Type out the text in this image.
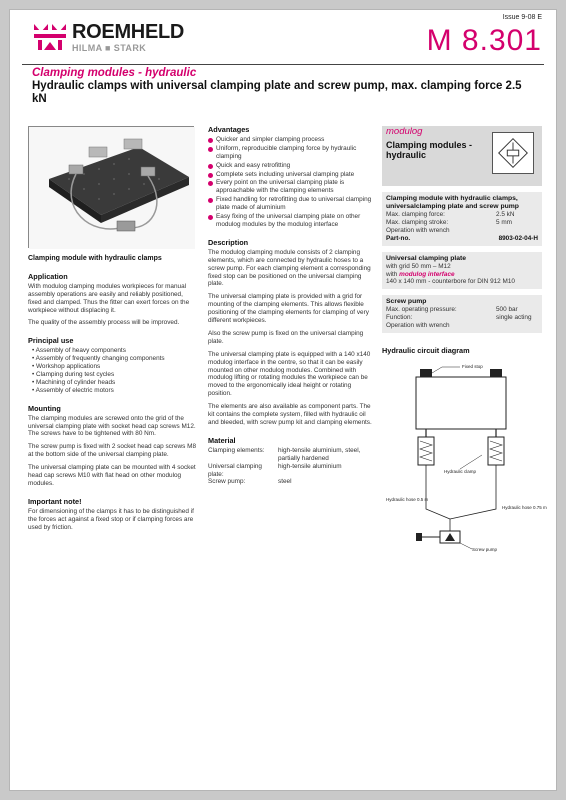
ROEMHELD
HILMA ■ STARK
Issue 9-08 E
M 8.301
Clamping modules - hydraulic
Hydraulic clamps with universal clamping plate and screw pump, max. clamping force 2.5 kN
Clamping module with hydraulic clamps
Application

With modulog clamping modules workpieces for manual assembly operations are easily and reliably positioned, fixed and clamped. Thus the fitter can exert forces on the workpiece without displacing it.

The quality of the assembly process will be improved.

Principal use
• Assembly of heavy components
• Assembly of frequently changing components
• Workshop applications
• Clamping during test cycles
• Machining of cylinder heads
• Assembly of electric motors
Mounting

The clamping modules are screwed onto the grid of the universal clamping plate with socket head cap screws M12. The screws have to be tightened with 80 Nm.

The screw pump is fixed with 2 socket head cap screws M8 at the bottom side of the universal clamping plate.

The universal clamping plate can be mounted with 4 socket head cap screws M10 with flat head on other modulog modules.

Important note!

For dimensioning of the clamps it has to be distinguished if the forces act against a fixed stop or if clamping forces are used by friction.

Advantages
Quicker and simpler clamping process
Uniform, reproducible clamping force by hydraulic clamping
Quick and easy retrofitting
Complete sets including universal clamping plate
Every point on the universal clamping plate is approachable with the clamping elements
Fixed handling for retrofitting due to universal clamping plate made of aluminium
Easy fixing of the universal clamping plate on other modulog modules by the modulog interface
Description

The modulog clamping module consists of 2 clamping elements, which are connected by hydraulic hoses to a screw pump. For each clamping element a corresponding fixed stop can be positioned on the universal clamping plate.

The universal clamping plate is provided with a grid for mounting of the clamping elements. This allows flexible positioning of the clamping elements for clamping of very different workpieces.

Also the screw pump is fixed on the universal clamping plate.

The universal clamping plate is equipped with a 140 x140 modulog interface in the centre, so that it can be easily mounted on other modulog modules. Combined with modulog lifting or rotating modules the workpiece can be moved to the ergonomically ideal height or rotating position.

The elements are also available as component parts. The kit contains the complete system, filled with hydraulic oil and bleeded, with screw pump kit and clamping elements.

Material
Clamping elements:	high-tensile aluminium, steel, partially hardened
Universal clamping plate:	high-tensile aluminium
Screw pump:	steel
modulog
Clamping modules - hydraulic
Clamping module with hydraulic clamps, universalclamping plate and screw pump
Max. clamping force:	2.5 kN
Max. clamping stroke:	5 mm
Operation with wrench
Part-no.	8903-02-04-H
Universal clamping plate
with grid 50 mm – M12
with modulog interface
140 x 140 mm - counterbore for DIN 912 M10
Screw pump
Max. operating pressure:	500 bar
Function:	single acting
Operation with wrench
Hydraulic circuit diagram
Fixed stop
Hydraulic clamp
Hydraulic hose 0.5 m
Hydraulic hose 0.75 m
Screw pump
